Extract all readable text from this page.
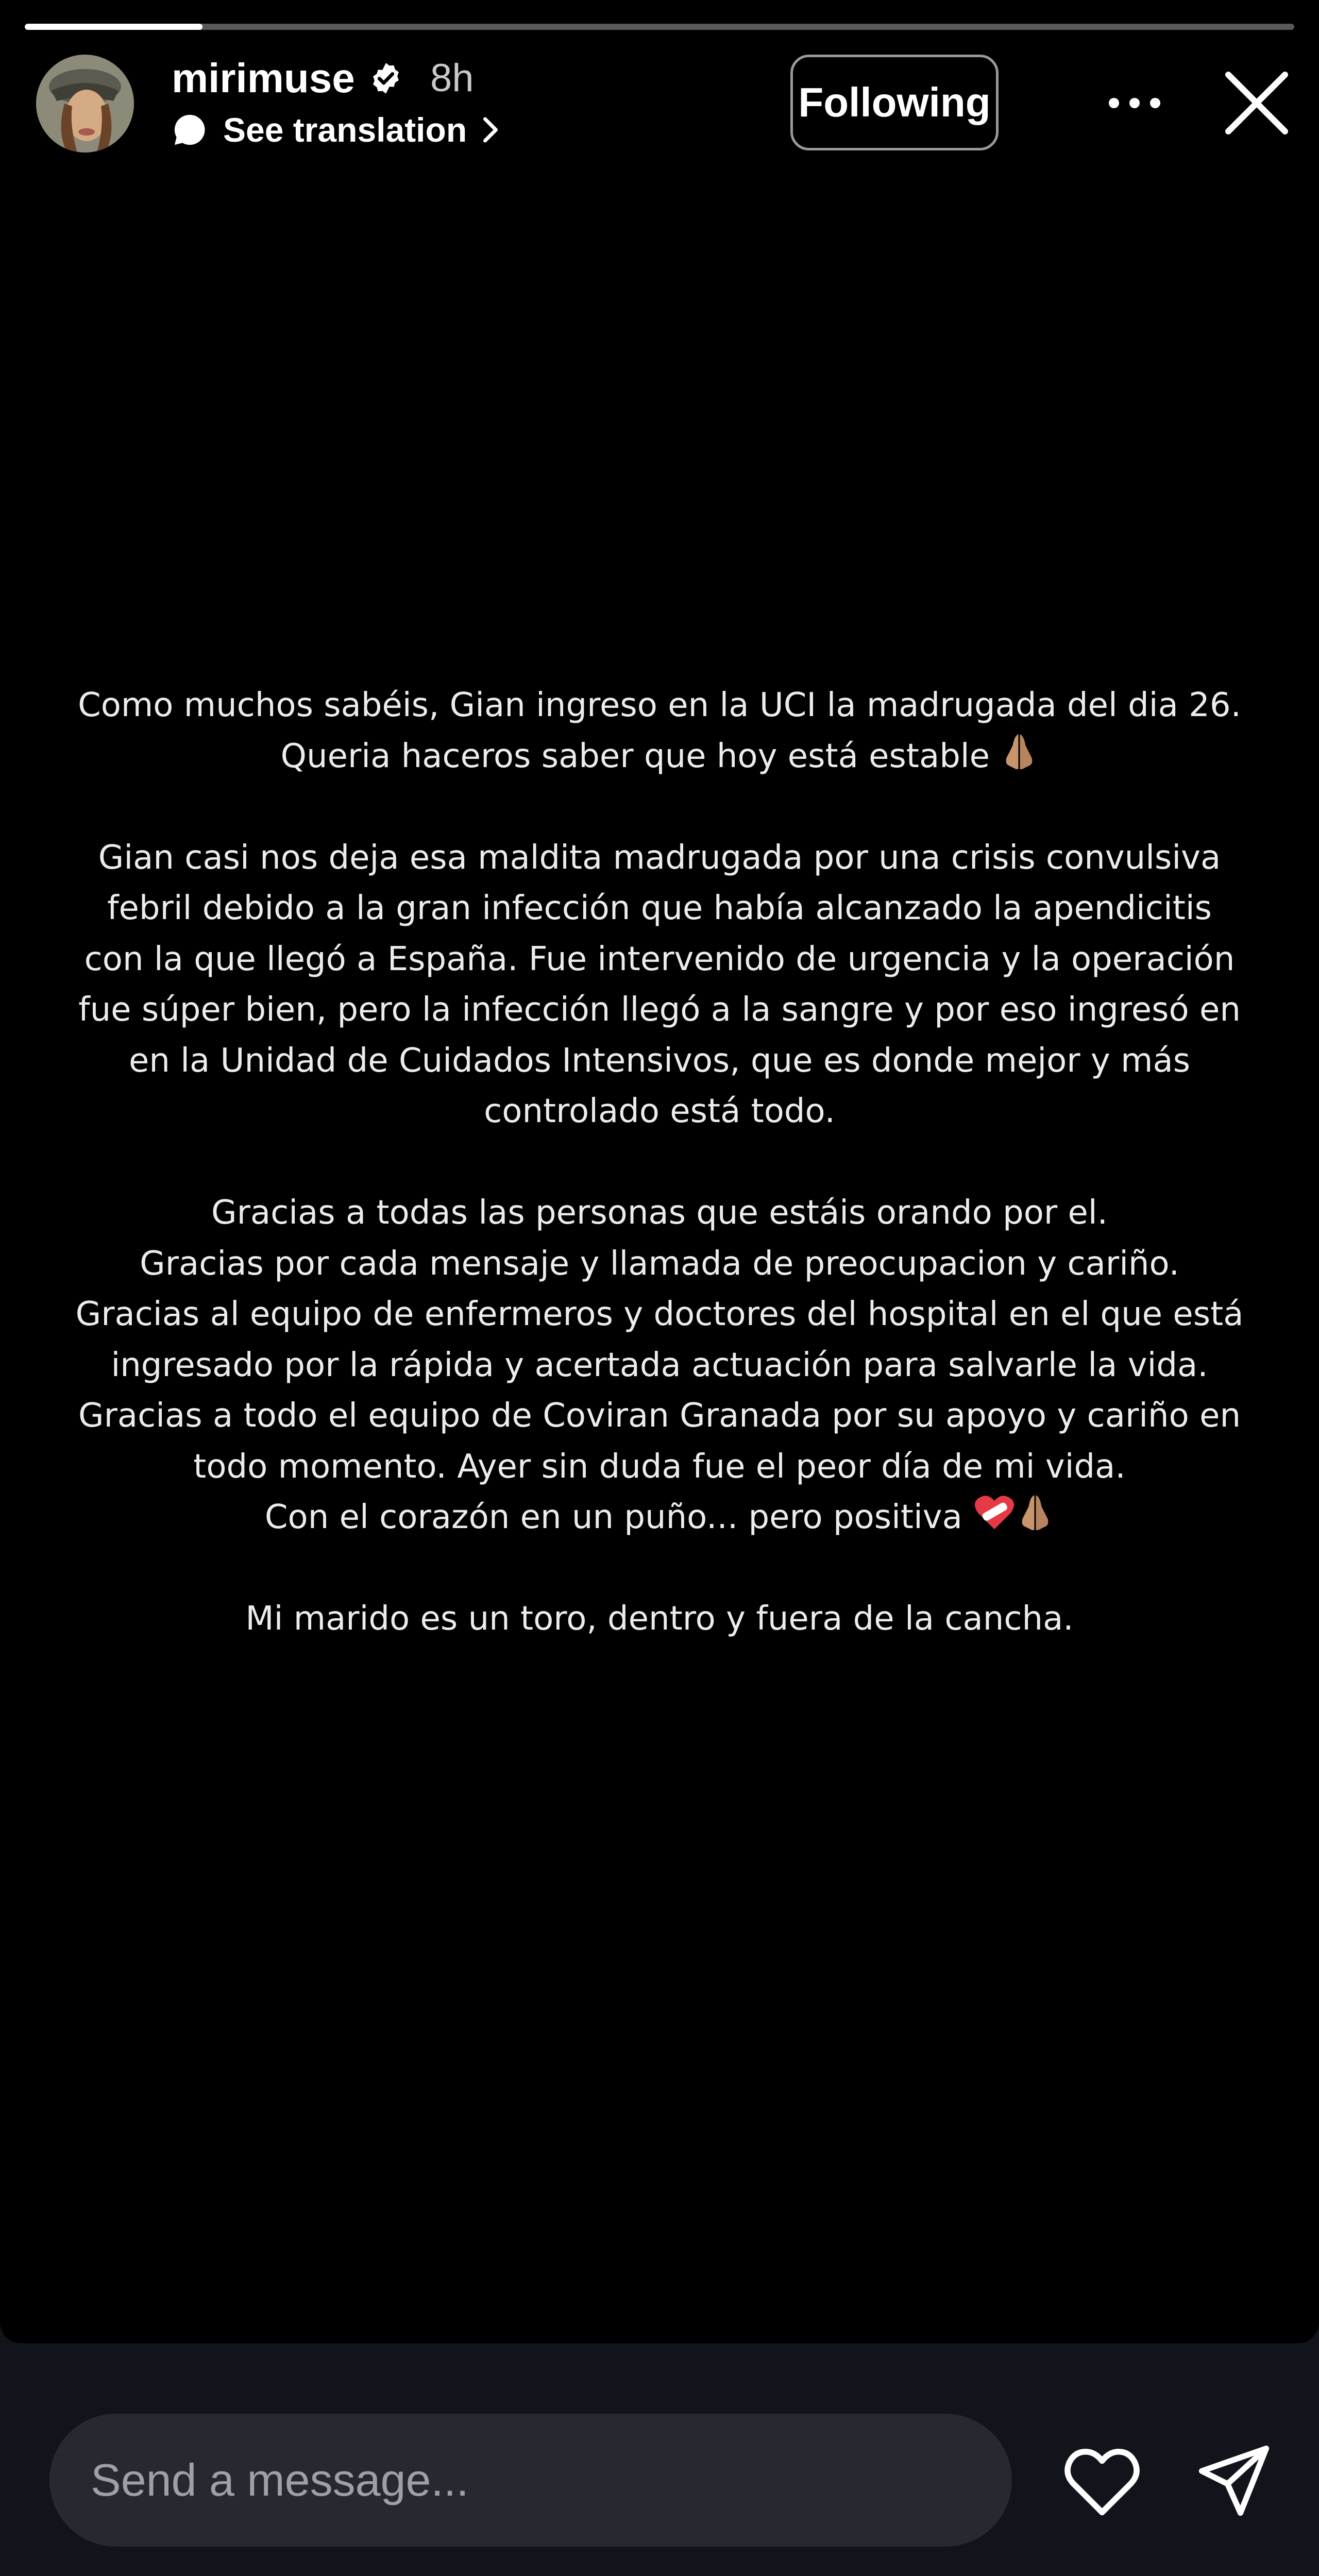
mirimuse 8h
See translation
Following

Como muchos sabéis, Gian ingreso en la UCI la madrugada del dia 26.
Queria haceros saber que hoy está estable

Gian casi nos deja esa maldita madrugada por una crisis convulsiva
febril debido a la gran infección que había alcanzado la apendicitis
con la que llegó a España. Fue intervenido de urgencia y la operación
fue súper bien, pero la infección llegó a la sangre y por eso ingresó en
en la Unidad de Cuidados Intensivos, que es donde mejor y más
controlado está todo.

Gracias a todas las personas que estáis orando por el.
Gracias por cada mensaje y llamada de preocupacion y cariño.
Gracias al equipo de enfermeros y doctores del hospital en el que está
ingresado por la rápida y acertada actuación para salvarle la vida.
Gracias a todo el equipo de Coviran Granada por su apoyo y cariño en
todo momento. Ayer sin duda fue el peor día de mi vida.
Con el corazón en un puño... pero positiva

Mi marido es un toro, dentro y fuera de la cancha.

Send a message...
